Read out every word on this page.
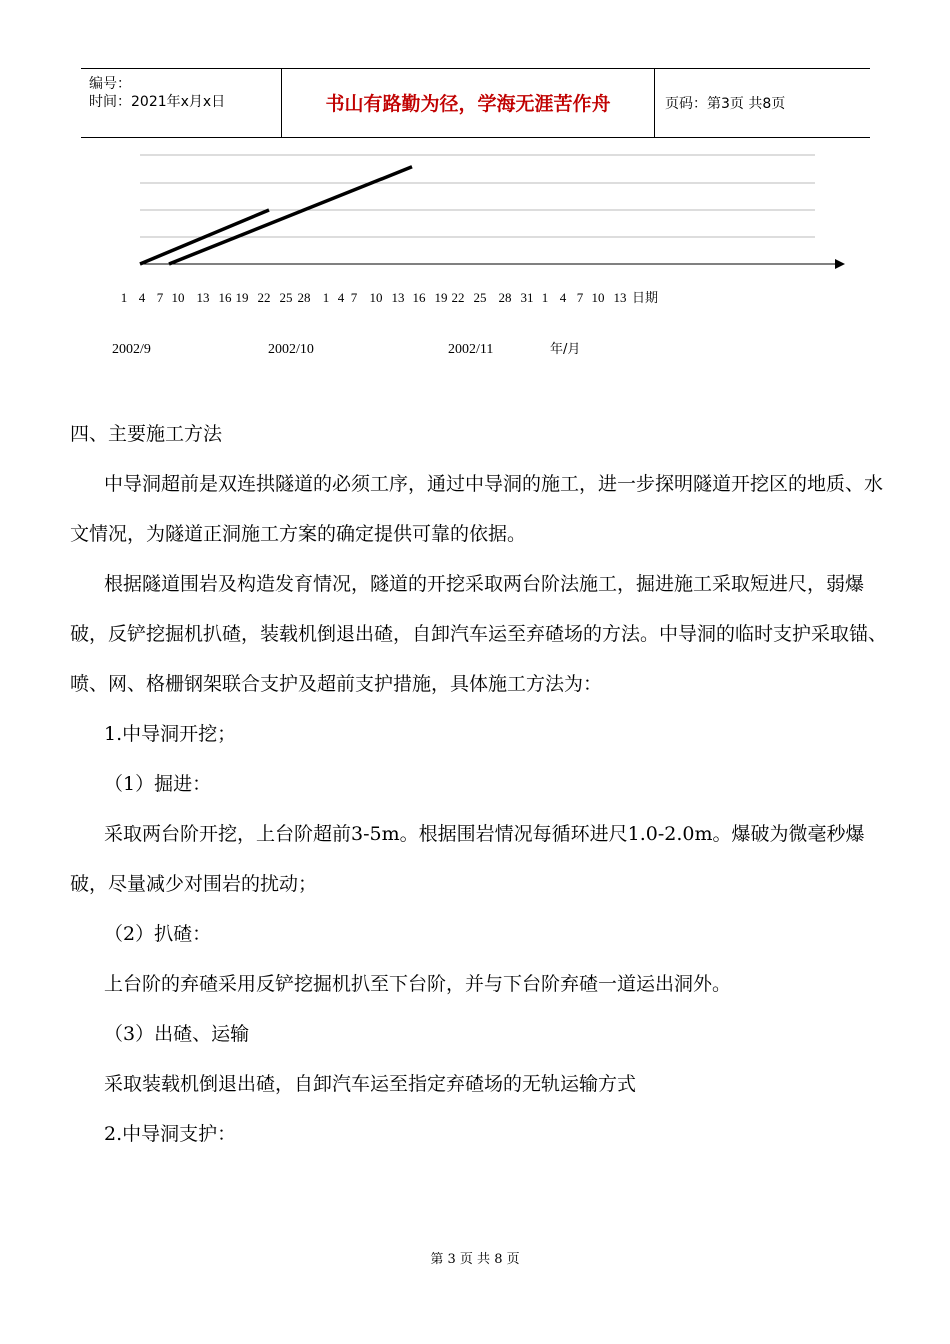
编号：
时间：2021年x月x日	书山有路勤为径，学海无涯苦作舟	页码：第3页 共8页
1 4 7 10 13 16 19 22 25 28 1 4 7 10 13 16 19 22 25 28 31 1 4 7 10 13 日期
2002/9	2002/10	2002/11	年/月

四、主要施工方法

中导洞超前是双连拱隧道的必须工序，通过中导洞的施工，进一步探明隧道开挖区的地质、水文情况，为隧道正洞施工方案的确定提供可靠的依据。

根据隧道围岩及构造发育情况，隧道的开挖采取两台阶法施工，掘进施工采取短进尺，弱爆破，反铲挖掘机扒碴，装载机倒退出碴，自卸汽车运至弃碴场的方法。中导洞的临时支护采取锚、喷、网、格栅钢架联合支护及超前支护措施，具体施工方法为：

1.中导洞开挖；

（1）掘进：

采取两台阶开挖，上台阶超前3-5m。根据围岩情况每循环进尺1.0-2.0m。爆破为微毫秒爆破，尽量减少对围岩的扰动；

（2）扒碴：

上台阶的弃碴采用反铲挖掘机扒至下台阶，并与下台阶弃碴一道运出洞外。

（3）出碴、运输

采取装载机倒退出碴，自卸汽车运至指定弃碴场的无轨运输方式

2.中导洞支护：

第 3 页 共 8 页
